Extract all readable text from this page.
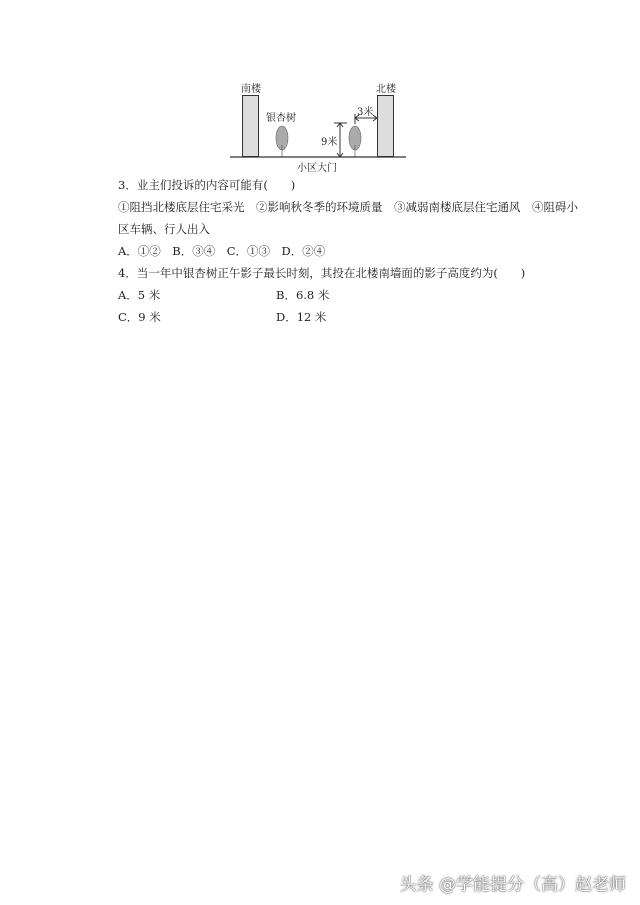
南楼	北楼
银杏树
9米
3米
小区大门
3．业主们投诉的内容可能有(　　)
①阻挡北楼底层住宅采光　②影响秋冬季的环境质量　③减弱南楼底层住宅通风　④阻碍小
区车辆、行人出入
A．①②　B．③④　C．①③　D．②④
4．当一年中银杏树正午影子最长时刻，其投在北楼南墙面的影子高度约为(　　)
A．5 米	B．6.8 米
C．9 米	D．12 米
头条 @学能提分（高）赵老师
